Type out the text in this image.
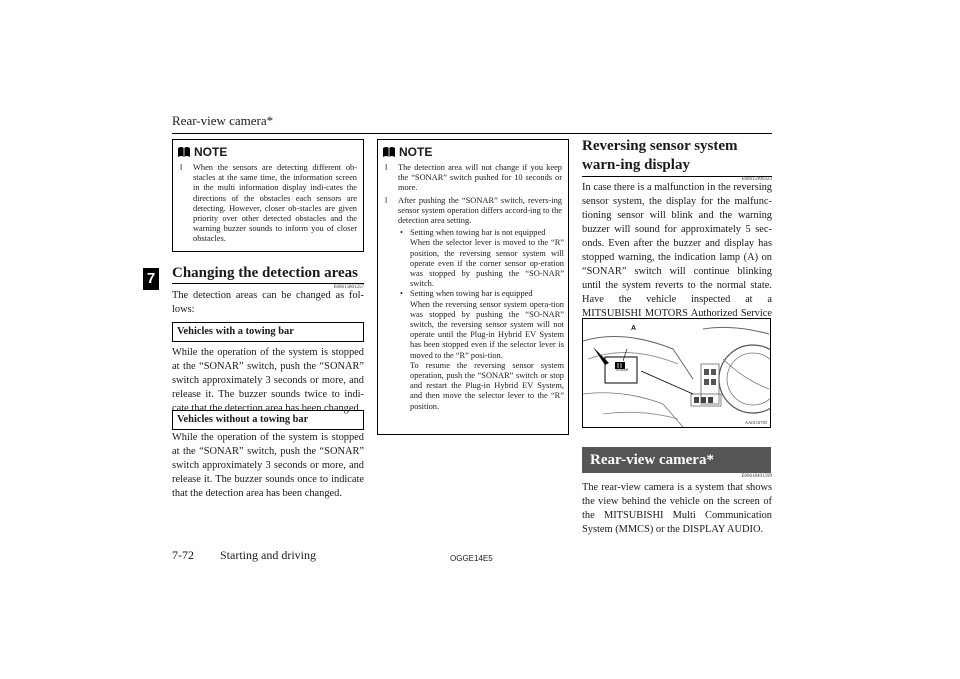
Rear-view camera*
7
NOTE
l When the sensors are detecting different ob-stacles at the same time, the information screen in the multi information display indi-cates the directions of the obstacles each sensors are detecting. However, closer ob-stacles are given priority over other detected obstacles and the warning buzzer sounds to inform you of closer obstacles.
Changing the detection areas
E00615801257
The detection areas can be changed as fol-lows:
Vehicles with a towing bar
While the operation of the system is stopped at the “SONAR” switch, push the “SONAR” switch approximately 3 seconds or more, and release it. The buzzer sounds twice to indi-cate that the detection area has been changed.
Vehicles without a towing bar
While the operation of the system is stopped at the “SONAR” switch, push the “SONAR” switch approximately 3 seconds or more, and release it. The buzzer sounds once to indicate that the detection area has been changed.
NOTE
l The detection area will not change if you keep the “SONAR” switch pushed for 10 seconds or more.
l After pushing the “SONAR” switch, revers-ing sensor system operation differs accord-ing to the detection area setting.
• Setting when towing bar is not equipped
When the selector lever is moved to the “R” position, the reversing sensor system will operate even if the corner sensor op-eration was stopped by pushing the “SO-NAR” switch.
• Setting when towing bar is equipped
When the reversing sensor system opera-tion was stopped by pushing the “SO-NAR” switch, the reversing sensor system will not operate until the Plug-in Hybrid EV System has been stopped even if the selector lever is moved to the “R” posi-tion.
To resume the reversing sensor system operation, push the “SONAR” switch or stop and restart the Plug-in Hybrid EV System, and then move the selector lever to the “R” position.
Reversing sensor system warn-ing display
E00615900323
In case there is a malfunction in the reversing sensor system, the display for the malfunc-tioning sensor will blink and the warning buzzer will sound for approximately 5 sec-onds. Even after the buzzer and display has stopped warning, the indication lamp (A) on “SONAR” switch will continue blinking until the system reverts to the normal state. Have the vehicle inspected at a MITSUBISHI MOTORS Authorized Service
A
SONAR
AA0110783
Rear-view camera*
E00618401599
The rear-view camera is a system that shows the view behind the vehicle on the screen of the MITSUBISHI Multi Communication System (MMCS) or the DISPLAY AUDIO.
7-72 Starting and driving	OGGE14E5
